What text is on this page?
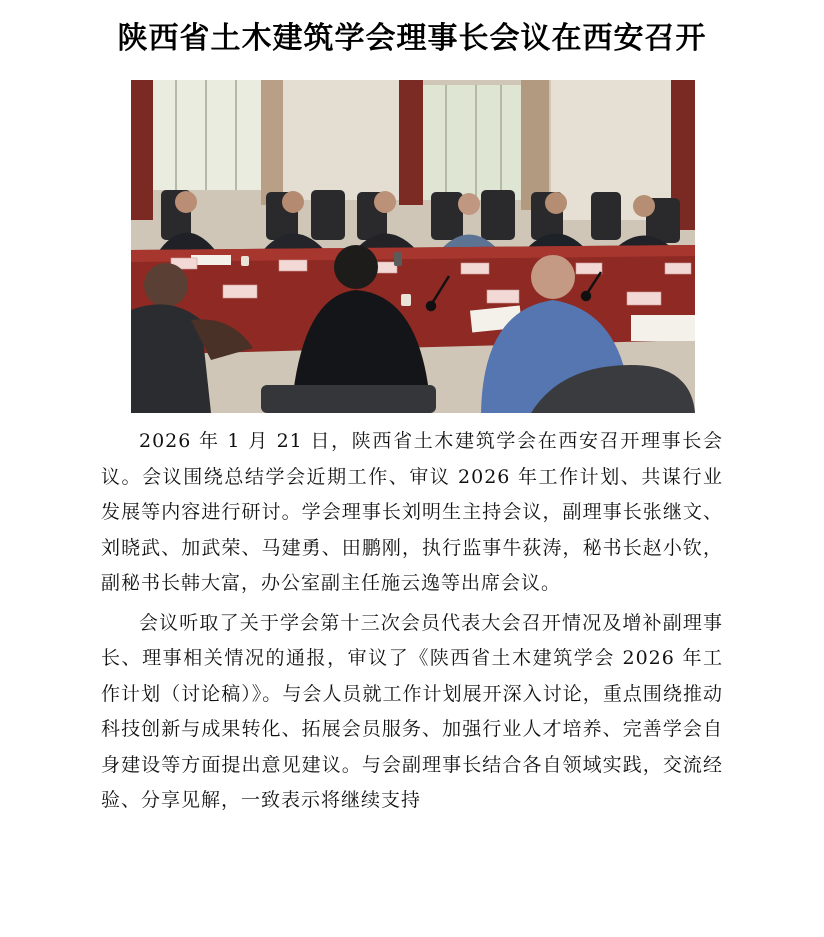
陕西省土木建筑学会理事长会议在西安召开

2026 年 1 月 21 日，陕西省土木建筑学会在西安召开理事长会议。会议围绕总结学会近期工作、审议 2026 年工作计划、共谋行业发展等内容进行研讨。学会理事长刘明生主持会议，副理事长张继文、刘晓武、加武荣、马建勇、田鹏刚，执行监事牛荻涛，秘书长赵小钦，副秘书长韩大富，办公室副主任施云逸等出席会议。

会议听取了关于学会第十三次会员代表大会召开情况及增补副理事长、理事相关情况的通报，审议了《陕西省土木建筑学会 2026 年工作计划（讨论稿）》。与会人员就工作计划展开深入讨论，重点围绕推动科技创新与成果转化、拓展会员服务、加强行业人才培养、完善学会自身建设等方面提出意见建议。与会副理事长结合各自领域实践，交流经验、分享见解，一致表示将继续支持
